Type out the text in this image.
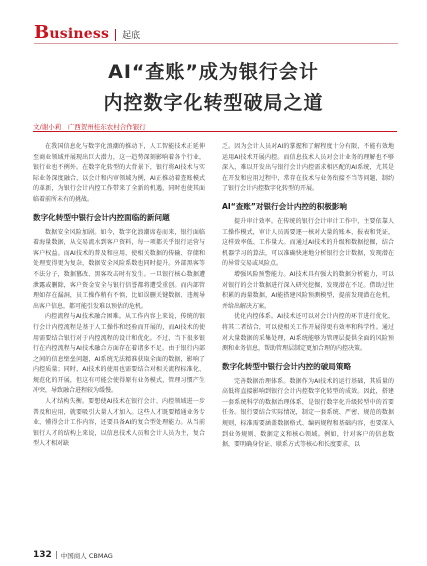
Business 起底
AI“查账”成为银行会计
内控数字化转型破局之道
文/谢小莉　广西贺州桂东农村合作银行

在我国信息化与数字化浪潮的推动下，人工智能技术正延伸至商业领域并展现出巨大潜力，这一趋势深刻影响着各个行业，银行业也不例外。在数字化转型的大背景下，银行将AI技术与实际业务深度融合，以会计和内审领域为例，AI正推动着查账模式的革新，为银行会计内控工作带来了全新的机遇，同时也使其面临着前所未有的挑战。

数字化转型中银行会计内控面临的新问题

数据安全风险加剧。如今，数字化浪潮席卷而来，银行面临着海量数据，从交易流水到客户资料，每一项都关乎银行运营与客户权益。而AI技术的普及和应用，使相关数据的传输、存储和处理变得更为复杂，数据安全风险系数也同时提升。外部黑客等不法分子，数据篡改、黑客攻击时有发生。一旦银行核心数据遭泄露或删除，客户资金安全与银行信誉都将遭受重创。而内部管理如存在漏洞，员工操作稍有不慎，比如误删关键数据、违规导出客户信息，都可能引发难以预估的危机。

内控流程与AI技术融合困难。从工作内容上来说，传统的银行会计内控流程是基于人工操作和经验而开展的，而AI技术的使用需要结合银行对于内控流程的设计和优化。不过，当下很多银行在内控流程与AI技术融合方面存在着诸多不足。由于银行内部之间的信息壁垒问题，AI系统无法精准获取全面的数据，影响了内控质量；同时，AI技术的使用也需要结合对相关流程标准化、规范化的开展，但这有可能会使得原有业务模式，管理习惯产生冲突，导致融合进程较为缓慢。

人才结构失衡。要想使AI技术在银行会计、内控领域进一步普及和应用，就要吸引大量人才加入。这些人才既要精通业务专业，懂得会计工作内容，还要具备AI的复合型处理能力。从当前银行人才的结构上来说，以信息技术人员和会计人员为主，复合型人才相对缺

乏。因为会计人员对AI的掌握和了解程度十分有限，不能有效地运用AI技术开展内控。而信息技术人员对会计业务的理解也不够深入，难以开发出与银行会计内控需求相匹配的AI系统，尤其是在开发和应用过程中，常存在技术与业务衔接不当等问题，制约了银行会计内控数字化转型的开展。

AI“查账”对银行会计内控的积极影响

提升审计效率。在传统的银行会计审计工作中，主要依靠人工操作模式，审计人员需要逐一核对大量的账本、报表和凭证，这样效率低、工作量大。而通过AI技术的升级和数据挖掘，结合机器学习的算法，可以准确快速地分析银行会计数据，发现潜在的异常交易或风险点。

增强风险预警能力。AI技术具有强大的数据分析能力，可以对银行的会计数据进行深入研究挖掘，发现潜在不足。借助过往积累的海量数据，AI能搭建风险预测模型，提前发现潜在危机，并给出解决方案。

优化内控体系。AI技术还可以对会计内控的环节进行优化，将其二者结合，可以使相关工作开展得更有效率和科学性。通过对大量数据的采集处理，AI系统能够为管理层提供全面的风险预测和业务信息，帮助管理层制定更加合理的内控决策。

数字化转型中银行会计内控的破局策略

完善数据治理体系。数据作为AI技术的运行基础，其质量的高低将直接影响到银行会计内控数字化转型的成效。因此，搭建一套系统科学的数据治理体系，是银行数字化升级转型中的首要任务。银行要结合实际情况，制定一套系统、严密、规范的数据规则，标准需要涵盖数据格式、编码规程和基础内容，也要深入到业务规则、数据定义和核心领域。例如，针对客户的信息数据，要明确身份证、联系方式等核心和长度要求，以

132 中国商人 CBMAG
